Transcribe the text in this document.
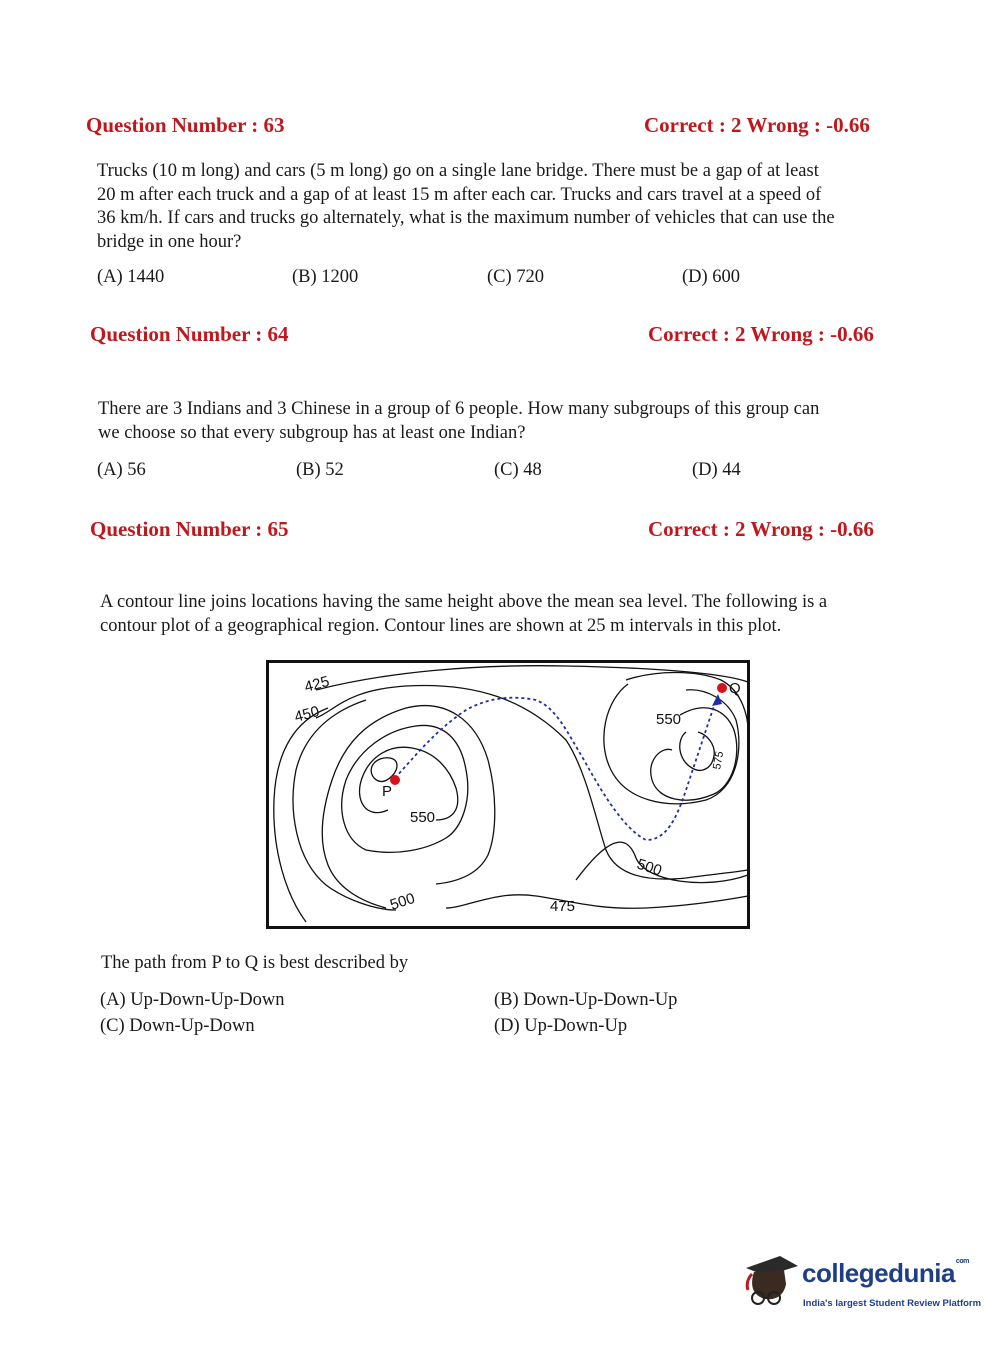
Question Number : 63	Correct : 2 Wrong : -0.66
Trucks (10 m long) and cars (5 m long) go on a single lane bridge. There must be a gap of at least
20 m after each truck and a gap of at least 15 m after each car. Trucks and cars travel at a speed of
36 km/h. If cars and trucks go alternately, what is the maximum number of vehicles that can use the
bridge in one hour?
(A) 1440	(B) 1200	(C) 720	(D) 600
Question Number : 64	Correct : 2 Wrong : -0.66
There are 3 Indians and 3 Chinese in a group of 6 people. How many subgroups of this group can
we choose so that every subgroup has at least one Indian?
(A) 56	(B) 52	(C) 48	(D) 44
Question Number : 65	Correct : 2 Wrong : -0.66
A contour line joins locations having the same height above the mean sea level. The following is a
contour plot of a geographical region. Contour lines are shown at 25 m intervals in this plot.
P
Q
425
450
550
500	475
500
550
575
The path from P to Q is best described by
(A) Up-Down-Up-Down	(B) Down-Up-Down-Up
(C) Down-Up-Down	(D) Up-Down-Up
collegedunia$^{com}$
India's largest Student Review Platform
